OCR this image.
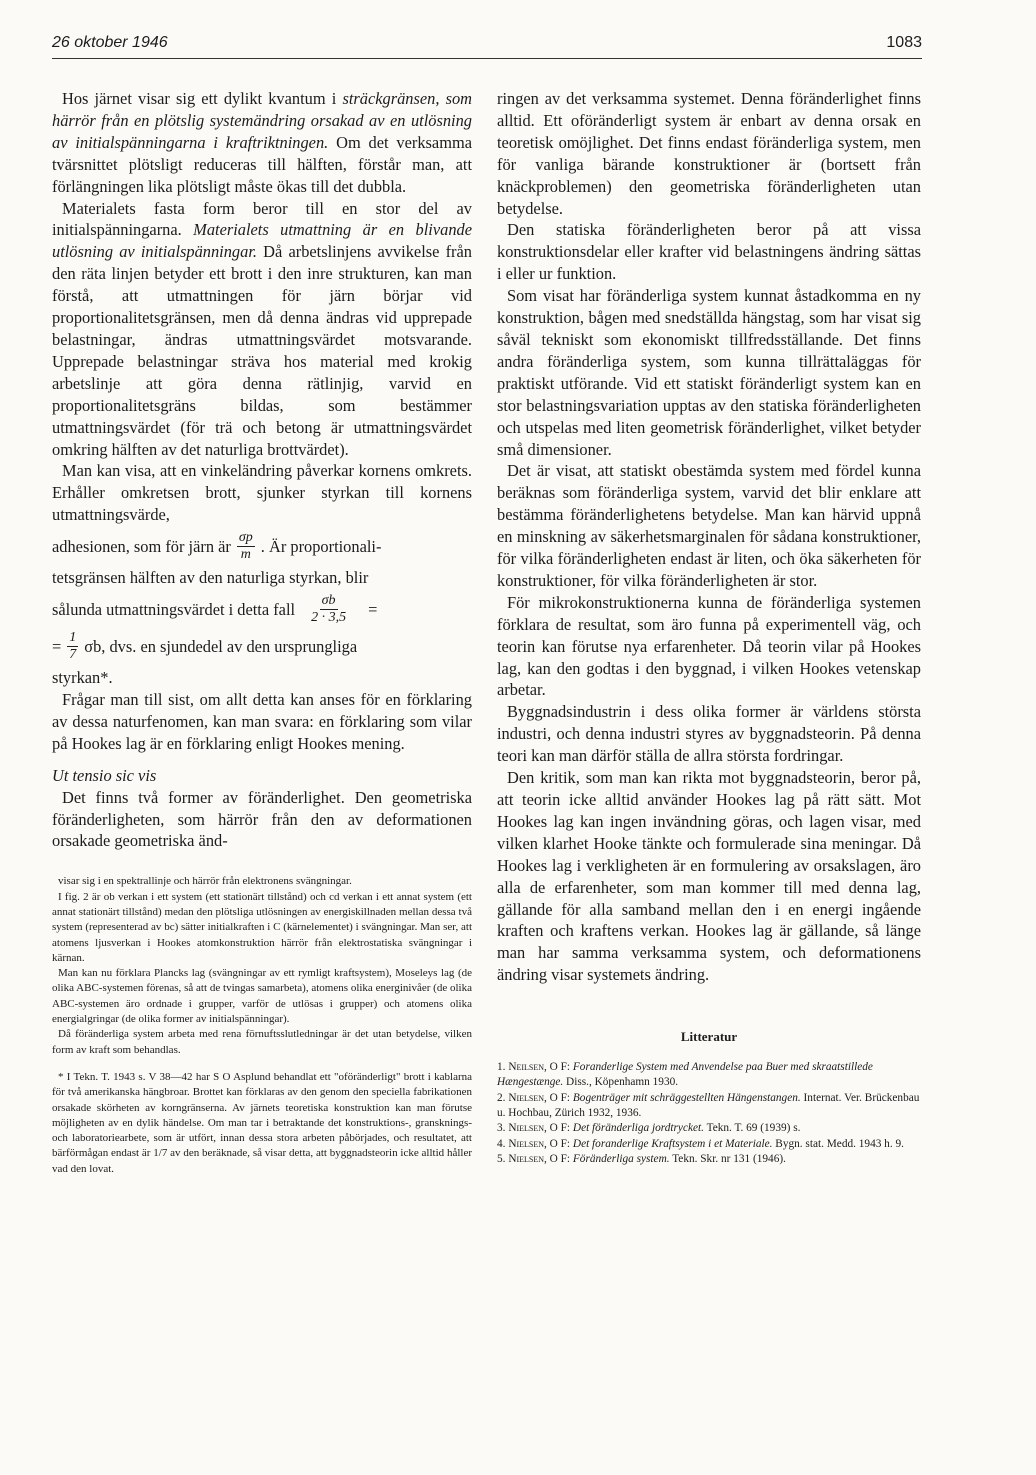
26 oktober 1946	1083

Hos järnet visar sig ett dylikt kvantum i sträckgränsen, som härrör från en plötslig systemändring orsakad av en utlösning av initialspänningarna i kraftriktningen. Om det verksamma tvärsnittet plötsligt reduceras till hälften, förstår man, att förlängningen lika plötsligt måste ökas till det dubbla.

Materialets fasta form beror till en stor del av initialspänningarna. Materialets utmattning är en blivande utlösning av initialspänningar. Då arbetslinjens avvikelse från den räta linjen betyder ett brott i den inre strukturen, kan man förstå, att utmattningen för järn börjar vid proportionalitetsgränsen, men då denna ändras vid upprepade belastningar, ändras utmattningsvärdet motsvarande. Upprepade belastningar sträva hos material med krokig arbetslinje att göra denna rätlinjig, varvid en proportionalitetsgräns bildas, som bestämmer utmattningsvärdet (för trä och betong är utmattningsvärdet omkring hälften av det naturliga brottvärdet).

Man kan visa, att en vinkeländring påverkar kornens omkrets. Erhåller omkretsen brott, sjunker styrkan till kornens utmattningsvärde,

adhesionen, som för järn är $\frac{\sigma p}{m}$ . Är proportionali-

tetsgränsen hälften av den naturliga styrkan, blir

sålunda utmattningsvärdet i detta fall $\frac{\sigma b}{2 \cdot 3,5}$ =
= $\frac{1}{7} \sigma b$, dvs. en sjundedel av den ursprungliga

styrkan*.

Frågar man till sist, om allt detta kan anses för en förklaring av dessa naturfenomen, kan man svara: en förklaring som vilar på Hookes lag är en förklaring enligt Hookes mening.

Ut tensio sic vis

Det finns två former av föränderlighet. Den geometriska föränderligheten, som härrör från den av deformationen orsakade geometriska änd-

visar sig i en spektrallinje och härrör från elektronens svängningar.

I fig. 2 är ob verkan i ett system (ett stationärt tillstånd) och cd verkan i ett annat system (ett annat stationärt tillstånd) medan den plötsliga utlösningen av energiskillnaden mellan dessa två system (representerad av bc) sätter initialkraften i C (kärnelementet) i svängningar. Man ser, att atomens ljusverkan i Hookes atomkonstruktion härrör från elektrostatiska svängningar i kärnan.

Man kan nu förklara Plancks lag (svängningar av ett rymligt kraftsystem), Moseleys lag (de olika ABC-systemen förenas, så att de tvingas samarbeta), atomens olika energinivåer (de olika ABC-systemen äro ordnade i grupper, varför de utlösas i grupper) och atomens olika energialgringar (de olika former av initialspänningar).

Då föränderliga system arbeta med rena förnuftsslutledningar är det utan betydelse, vilken form av kraft som behandlas.

* I Tekn. T. 1943 s. V 38—42 har S O Asplund behandlat ett "oföränderligt" brott i kablarna för två amerikanska hängbroar. Brottet kan förklaras av den genom den speciella fabrikationen orsakade skörheten av korngränserna. Av järnets teoretiska konstruktion kan man förutse möjligheten av en dylik händelse. Om man tar i betraktande det konstruktions-, gransknings- och laboratoriearbete, som är utfört, innan dessa stora arbeten påbörjades, och resultatet, att bärförmågan endast är 1/7 av den beräknade, så visar detta, att byggnadsteorin icke alltid håller vad den lovat.

ringen av det verksamma systemet. Denna föränderlighet finns alltid. Ett oföränderligt system är enbart av denna orsak en teoretisk omöjlighet. Det finns endast föränderliga system, men för vanliga bärande konstruktioner är (bortsett från knäckproblemen) den geometriska föränderligheten utan betydelse.

Den statiska föränderligheten beror på att vissa konstruktionsdelar eller krafter vid belastningens ändring sättas i eller ur funktion.

Som visat har föränderliga system kunnat åstadkomma en ny konstruktion, bågen med snedställda hängstag, som har visat sig såväl tekniskt som ekonomiskt tillfredsställande. Det finns andra föränderliga system, som kunna tillrättaläggas för praktiskt utförande. Vid ett statiskt föränderligt system kan en stor belastningsvariation upptas av den statiska föränderligheten och utspelas med liten geometrisk föränderlighet, vilket betyder små dimensioner.

Det är visat, att statiskt obestämda system med fördel kunna beräknas som föränderliga system, varvid det blir enklare att bestämma föränderlighetens betydelse. Man kan härvid uppnå en minskning av säkerhetsmarginalen för sådana konstruktioner, för vilka föränderligheten endast är liten, och öka säkerheten för konstruktioner, för vilka föränderligheten är stor.

För mikrokonstruktionerna kunna de föränderliga systemen förklara de resultat, som äro funna på experimentell väg, och teorin kan förutse nya erfarenheter. Då teorin vilar på Hookes lag, kan den godtas i den byggnad, i vilken Hookes vetenskap arbetar.

Byggnadsindustrin i dess olika former är världens största industri, och denna industri styres av byggnadsteorin. På denna teori kan man därför ställa de allra största fordringar.

Den kritik, som man kan rikta mot byggnadsteorin, beror på, att teorin icke alltid använder Hookes lag på rätt sätt. Mot Hookes lag kan ingen invändning göras, och lagen visar, med vilken klarhet Hooke tänkte och formulerade sina meningar. Då Hookes lag i verkligheten är en formulering av orsakslagen, äro alla de erfarenheter, som man kommer till med denna lag, gällande för alla samband mellan den i en energi ingående kraften och kraftens verkan. Hookes lag är gällande, så länge man har samma verksamma system, och deformationens ändring visar systemets ändring.

Litteratur

1. Neilsen, O F: Foranderlige System med Anvendelse paa Buer med skraatstillede Hængestænge. Diss., Köpenhamn 1930.

2. Nielsen, O F: Bogenträger mit schräggestellten Hängenstangen. Internat. Ver. Brückenbau u. Hochbau, Zürich 1932, 1936.

3. Nielsen, O F: Det föränderliga jordtrycket. Tekn. T. 69 (1939) s.

4. Nielsen, O F: Det foranderlige Kraftsystem i et Materiale. Bygn. stat. Medd. 1943 h. 9.

5. Nielsen, O F: Föränderliga system. Tekn. Skr. nr 131 (1946).
